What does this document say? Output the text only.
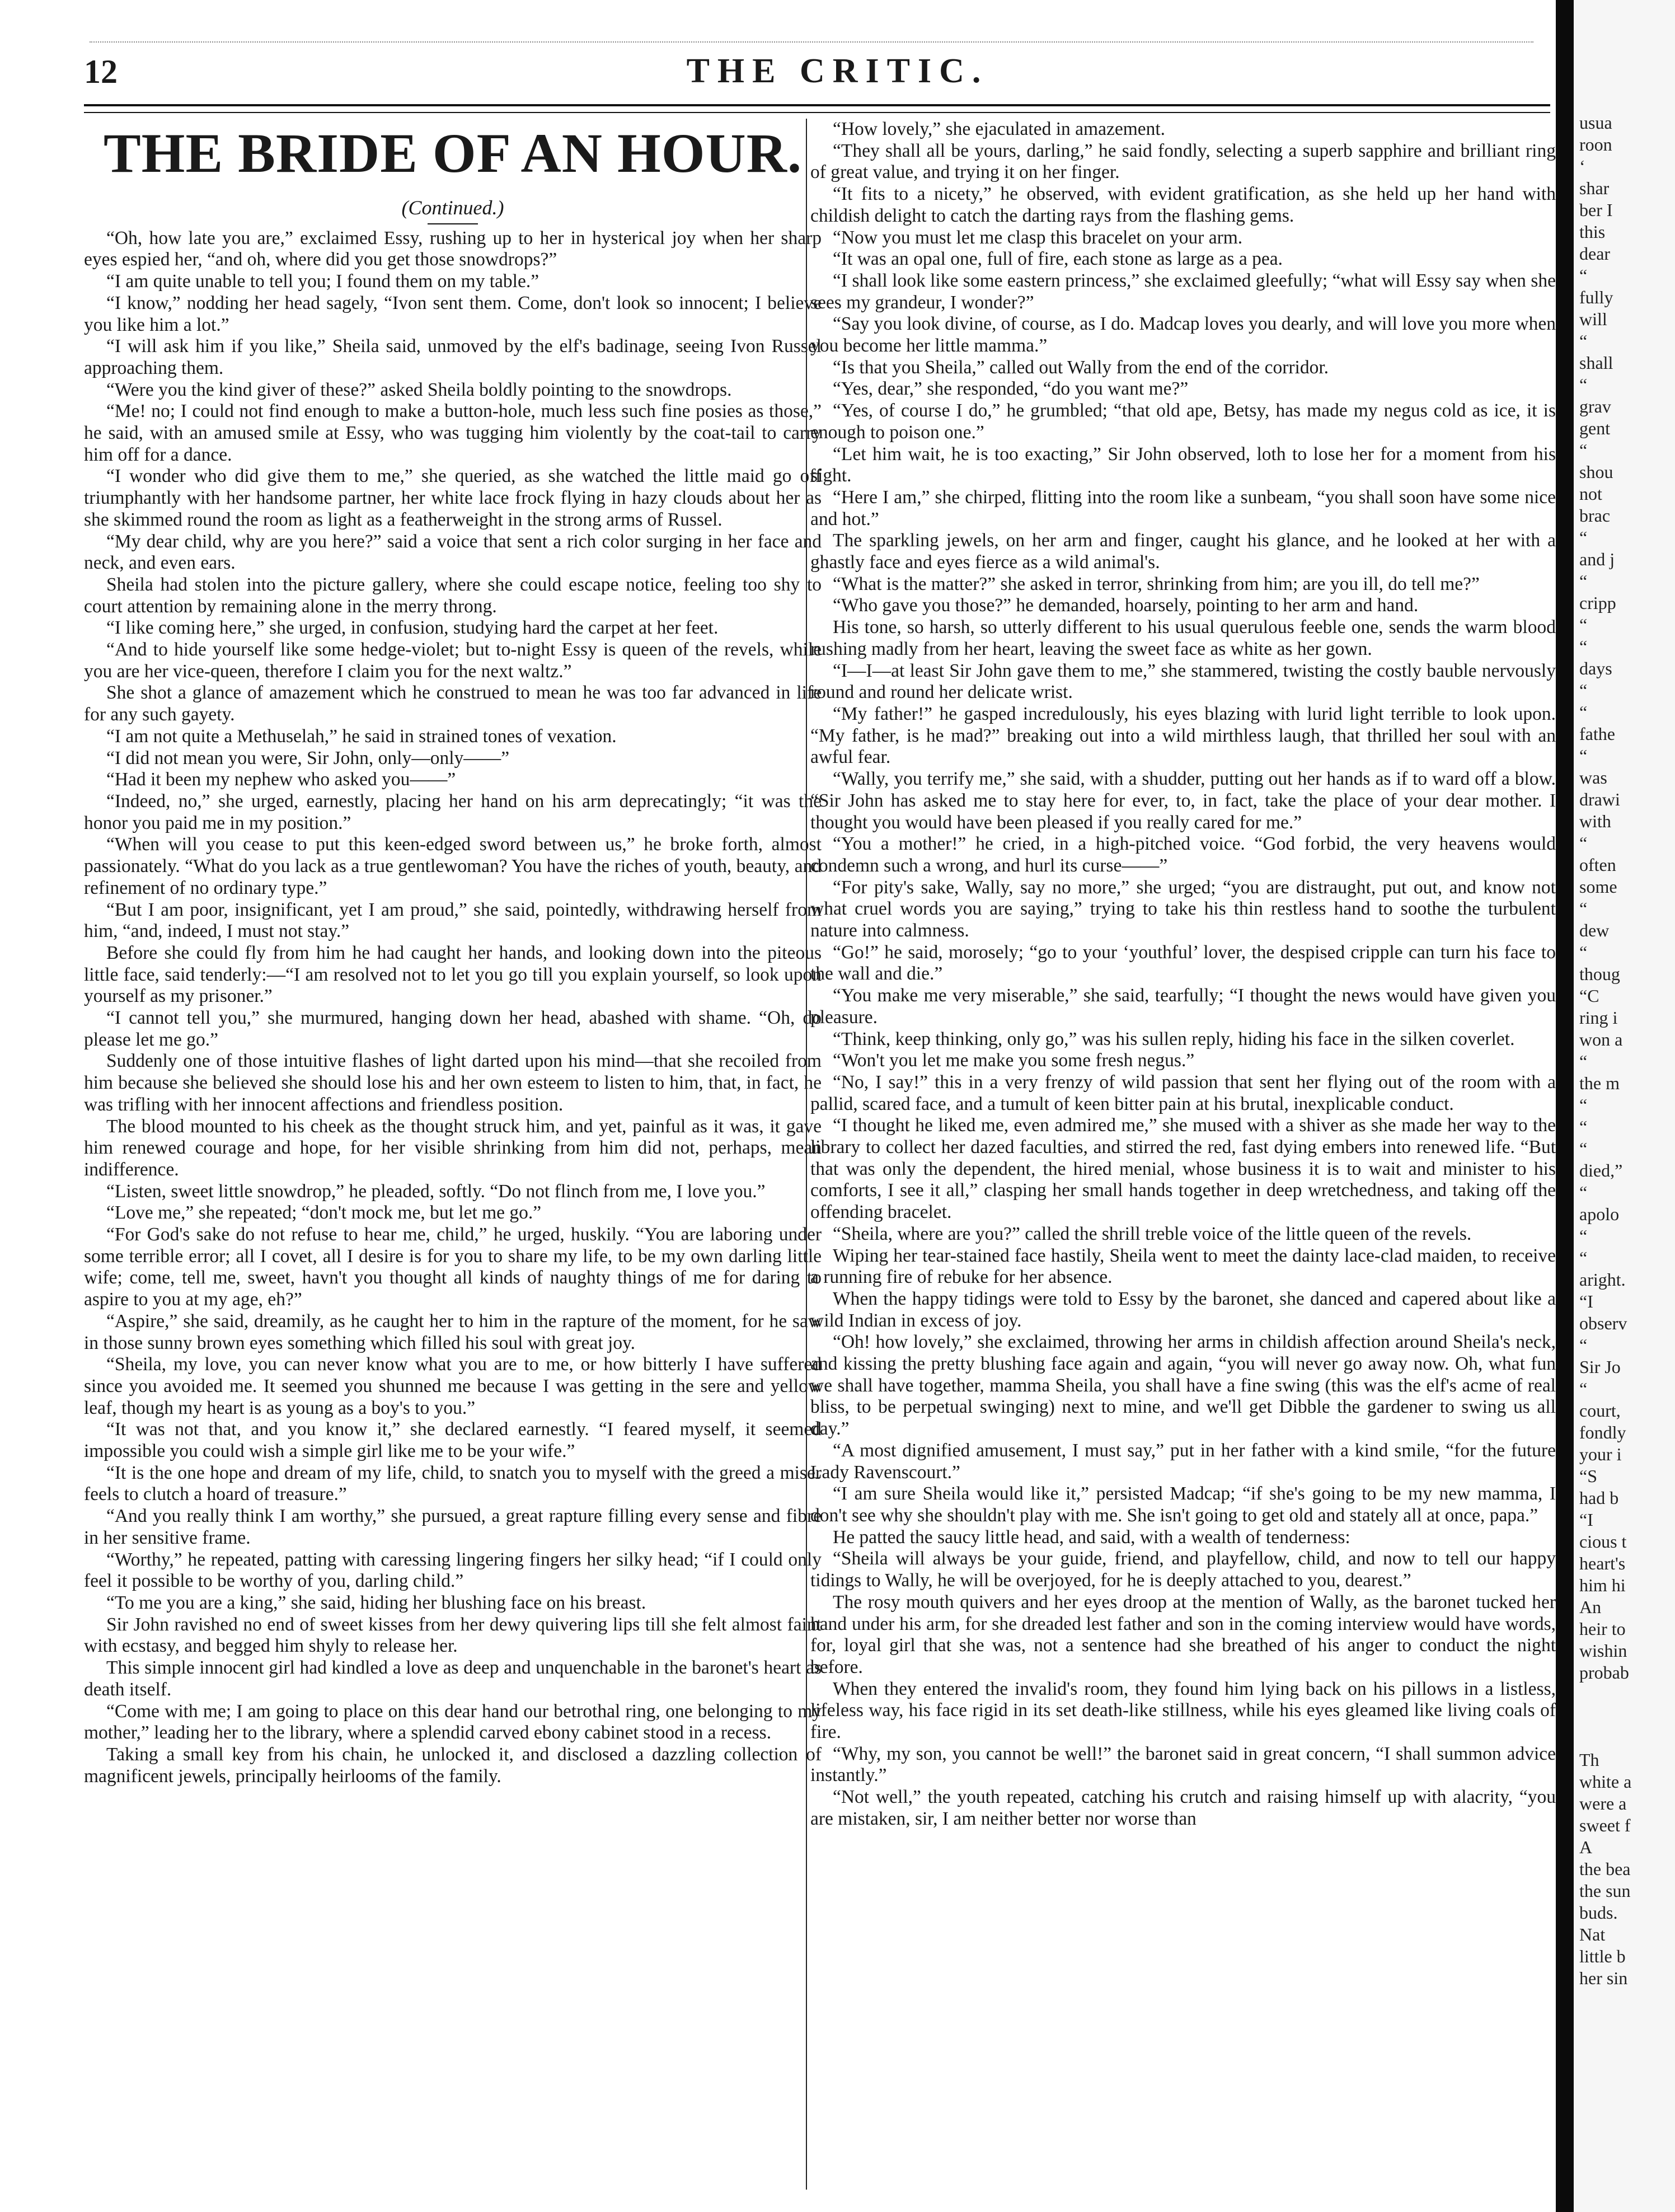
12	THE CRITIC.
THE BRIDE OF AN HOUR.
(Continued.)

“Oh, how late you are,” exclaimed Essy, rushing up to her in hysterical joy when her sharp eyes espied her, “and oh, where did you get those snowdrops?”

“I am quite unable to tell you; I found them on my table.”

“I know,” nodding her head sagely, “Ivon sent them. Come, don't look so innocent; I believe you like him a lot.”

“I will ask him if you like,” Sheila said, unmoved by the elf's badinage, seeing Ivon Russel approaching them.

“Were you the kind giver of these?” asked Sheila boldly pointing to the snowdrops.

“Me! no; I could not find enough to make a button-hole, much less such fine posies as those,” he said, with an amused smile at Essy, who was tugging him violently by the coat-tail to carry him off for a dance.

“I wonder who did give them to me,” she queried, as she watched the little maid go off triumphantly with her handsome partner, her white lace frock flying in hazy clouds about her as she skimmed round the room as light as a featherweight in the strong arms of Russel.

“My dear child, why are you here?” said a voice that sent a rich color surging in her face and neck, and even ears.

Sheila had stolen into the picture gallery, where she could escape notice, feeling too shy to court attention by remaining alone in the merry throng.

“I like coming here,” she urged, in confusion, studying hard the carpet at her feet.

“And to hide yourself like some hedge-violet; but to-night Essy is queen of the revels, while you are her vice-queen, therefore I claim you for the next waltz.”

She shot a glance of amazement which he construed to mean he was too far advanced in life for any such gayety.

“I am not quite a Methuselah,” he said in strained tones of vexation.

“I did not mean you were, Sir John, only—only——”

“Had it been my nephew who asked you——”

“Indeed, no,” she urged, earnestly, placing her hand on his arm deprecatingly; “it was the honor you paid me in my position.”

“When will you cease to put this keen-edged sword between us,” he broke forth, almost passionately. “What do you lack as a true gentlewoman? You have the riches of youth, beauty, and refinement of no ordinary type.”

“But I am poor, insignificant, yet I am proud,” she said, pointedly, withdrawing herself from him, “and, indeed, I must not stay.”

Before she could fly from him he had caught her hands, and looking down into the piteous little face, said tenderly:—“I am resolved not to let you go till you explain yourself, so look upon yourself as my prisoner.”

“I cannot tell you,” she murmured, hanging down her head, abashed with shame. “Oh, do please let me go.”

Suddenly one of those intuitive flashes of light darted upon his mind—that she recoiled from him because she believed she should lose his and her own esteem to listen to him, that, in fact, he was trifling with her innocent affections and friendless position.

The blood mounted to his cheek as the thought struck him, and yet, painful as it was, it gave him renewed courage and hope, for her visible shrinking from him did not, perhaps, mean indifference.

“Listen, sweet little snowdrop,” he pleaded, softly. “Do not flinch from me, I love you.”

“Love me,” she repeated; “don't mock me, but let me go.”

“For God's sake do not refuse to hear me, child,” he urged, huskily. “You are laboring under some terrible error; all I covet, all I desire is for you to share my life, to be my own darling little wife; come, tell me, sweet, havn't you thought all kinds of naughty things of me for daring to aspire to you at my age, eh?”

“Aspire,” she said, dreamily, as he caught her to him in the rapture of the moment, for he saw in those sunny brown eyes something which filled his soul with great joy.

“Sheila, my love, you can never know what you are to me, or how bitterly I have suffered since you avoided me. It seemed you shunned me because I was getting in the sere and yellow leaf, though my heart is as young as a boy's to you.”

“It was not that, and you know it,” she declared earnestly. “I feared myself, it seemed impossible you could wish a simple girl like me to be your wife.”

“It is the one hope and dream of my life, child, to snatch you to myself with the greed a miser feels to clutch a hoard of treasure.”

“And you really think I am worthy,” she pursued, a great rapture filling every sense and fibre in her sensitive frame.

“Worthy,” he repeated, patting with caressing lingering fingers her silky head; “if I could only feel it possible to be worthy of you, darling child.”

“To me you are a king,” she said, hiding her blushing face on his breast.

Sir John ravished no end of sweet kisses from her dewy quivering lips till she felt almost faint with ecstasy, and begged him shyly to release her.

This simple innocent girl had kindled a love as deep and unquenchable in the baronet's heart as death itself.

“Come with me; I am going to place on this dear hand our betrothal ring, one belonging to my mother,” leading her to the library, where a splendid carved ebony cabinet stood in a recess.

Taking a small key from his chain, he unlocked it, and disclosed a dazzling collection of magnificent jewels, principally heirlooms of the family.

“How lovely,” she ejaculated in amazement.

“They shall all be yours, darling,” he said fondly, selecting a superb sapphire and brilliant ring of great value, and trying it on her finger.

“It fits to a nicety,” he observed, with evident gratification, as she held up her hand with childish delight to catch the darting rays from the flashing gems.

“Now you must let me clasp this bracelet on your arm.

“It was an opal one, full of fire, each stone as large as a pea.

“I shall look like some eastern princess,” she exclaimed gleefully; “what will Essy say when she sees my grandeur, I wonder?”

“Say you look divine, of course, as I do. Madcap loves you dearly, and will love you more when you become her little mamma.”

“Is that you Sheila,” called out Wally from the end of the corridor.

“Yes, dear,” she responded, “do you want me?”

“Yes, of course I do,” he grumbled; “that old ape, Betsy, has made my negus cold as ice, it is enough to poison one.”

“Let him wait, he is too exacting,” Sir John observed, loth to lose her for a moment from his sight.

“Here I am,” she chirped, flitting into the room like a sunbeam, “you shall soon have some nice and hot.”

The sparkling jewels, on her arm and finger, caught his glance, and he looked at her with a ghastly face and eyes fierce as a wild animal's.

“What is the matter?” she asked in terror, shrinking from him; are you ill, do tell me?”

“Who gave you those?” he demanded, hoarsely, pointing to her arm and hand.

His tone, so harsh, so utterly different to his usual querulous feeble one, sends the warm blood rushing madly from her heart, leaving the sweet face as white as her gown.

“I—I—at least Sir John gave them to me,” she stammered, twisting the costly bauble nervously round and round her delicate wrist.

“My father!” he gasped incredulously, his eyes blazing with lurid light terrible to look upon. “My father, is he mad?” breaking out into a wild mirthless laugh, that thrilled her soul with an awful fear.

“Wally, you terrify me,” she said, with a shudder, putting out her hands as if to ward off a blow. “Sir John has asked me to stay here for ever, to, in fact, take the place of your dear mother. I thought you would have been pleased if you really cared for me.”

“You a mother!” he cried, in a high-pitched voice. “God forbid, the very heavens would condemn such a wrong, and hurl its curse——”

“For pity's sake, Wally, say no more,” she urged; “you are distraught, put out, and know not what cruel words you are saying,” trying to take his thin restless hand to soothe the turbulent nature into calmness.

“Go!” he said, morosely; “go to your ‘youthful’ lover, the despised cripple can turn his face to the wall and die.”

“You make me very miserable,” she said, tearfully; “I thought the news would have given you pleasure.

“Think, keep thinking, only go,” was his sullen reply, hiding his face in the silken coverlet.

“Won't you let me make you some fresh negus.”

“No, I say!” this in a very frenzy of wild passion that sent her flying out of the room with a pallid, scared face, and a tumult of keen bitter pain at his brutal, inexplicable conduct.

“I thought he liked me, even admired me,” she mused with a shiver as she made her way to the library to collect her dazed faculties, and stirred the red, fast dying embers into renewed life. “But that was only the dependent, the hired menial, whose business it is to wait and minister to his comforts, I see it all,” clasping her small hands together in deep wretchedness, and taking off the offending bracelet.

“Sheila, where are you?” called the shrill treble voice of the little queen of the revels.

Wiping her tear-stained face hastily, Sheila went to meet the dainty lace-clad maiden, to receive a running fire of rebuke for her absence.

When the happy tidings were told to Essy by the baronet, she danced and capered about like a wild Indian in excess of joy.

“Oh! how lovely,” she exclaimed, throwing her arms in childish affection around Sheila's neck, and kissing the pretty blushing face again and again, “you will never go away now. Oh, what fun we shall have together, mamma Sheila, you shall have a fine swing (this was the elf's acme of real bliss, to be perpetual swinging) next to mine, and we'll get Dibble the gardener to swing us all day.”

“A most dignified amusement, I must say,” put in her father with a kind smile, “for the future Lady Ravenscourt.”

“I am sure Sheila would like it,” persisted Madcap; “if she's going to be my new mamma, I don't see why she shouldn't play with me. She isn't going to get old and stately all at once, papa.”

He patted the saucy little head, and said, with a wealth of tenderness:

“Sheila will always be your guide, friend, and playfellow, child, and now to tell our happy tidings to Wally, he will be overjoyed, for he is deeply attached to you, dearest.”

The rosy mouth quivers and her eyes droop at the mention of Wally, as the baronet tucked her hand under his arm, for she dreaded lest father and son in the coming interview would have words, for, loyal girl that she was, not a sentence had she breathed of his anger to conduct the night before.

When they entered the invalid's room, they found him lying back on his pillows in a listless, lifeless way, his face rigid in its set death-like stillness, while his eyes gleamed like living coals of fire.

“Why, my son, you cannot be well!” the baronet said in great concern, “I shall summon advice instantly.”

“Not well,” the youth repeated, catching his crutch and raising himself up with alacrity, “you are mistaken, sir, I am neither better nor worse than

usua
roon
‘
shar
ber I
this
dear
“
fully
will
“
shall
“
grav
gent
“
shou
not
brac
“
and j
“
cripp
“
“
days
“
“
fathe
“
was
drawi
with
“
often
some
“
dew
“
thoug
“C
ring i
won a
“
the m
“
“
“
died,”
“
apolo
“
“
aright.
“I
observ
“
Sir Jo
“
court,
fondly
your i
“S
had b
“I
cious t
heart's
him hi
An
heir to
wishin
probab

Th
white a
were a
sweet f
A
the bea
the sun
buds.
Nat
little b
her sin
